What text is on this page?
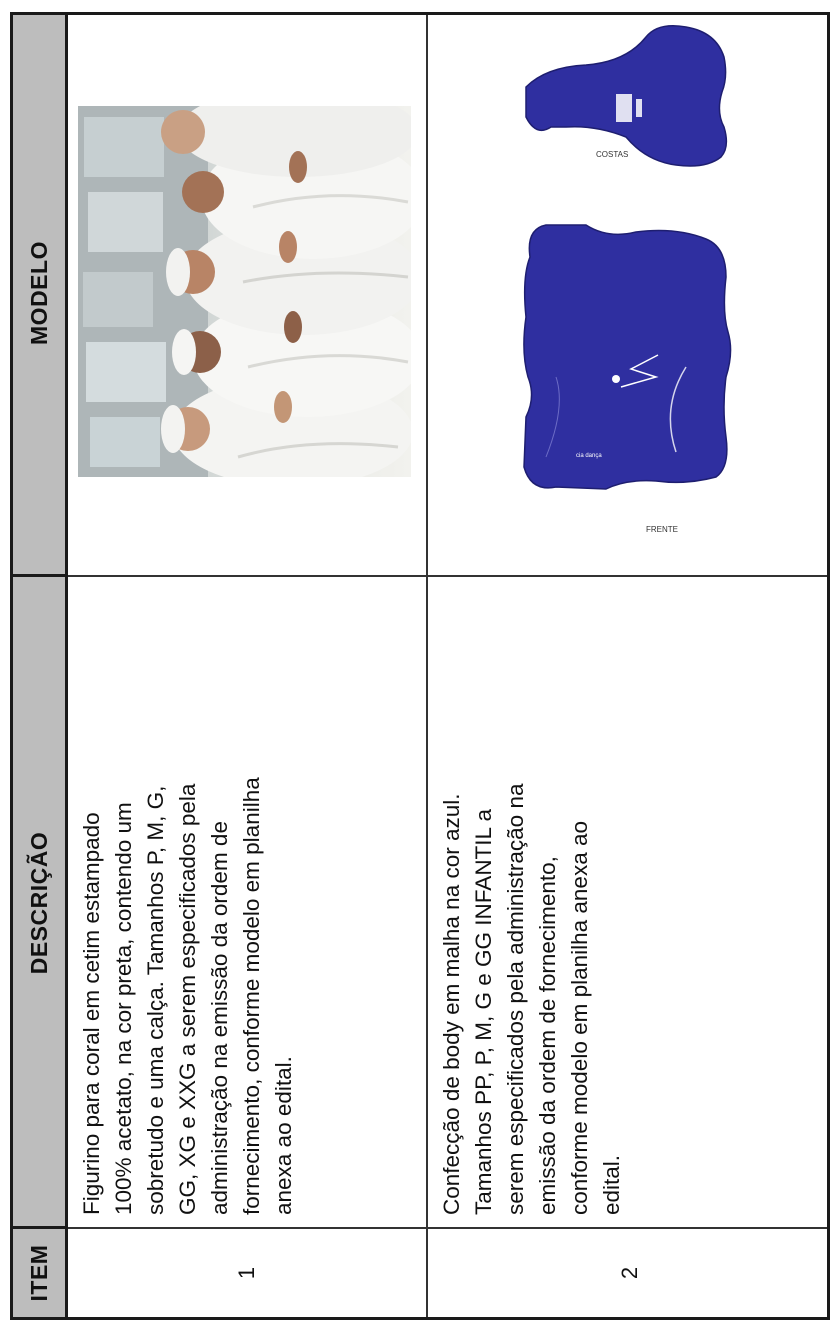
ITEM
DESCRIÇÃO
MODELO
1
Figurino para coral em cetim estampado 100% acetato, na cor preta, contendo um sobretudo e uma calça. Tamanhos P, M, G, GG, XG e XXG a serem especificados pela administração na emissão da ordem de fornecimento, conforme modelo em planilha anexa ao edital.
2
Confecção de body em malha na cor azul. Tamanhos PP, P, M, G e GG INFANTIL a serem especificados pela administração na emissão da ordem de fornecimento, conforme modelo em planilha anexa ao edital.
cia dança
FRENTE
COSTAS
